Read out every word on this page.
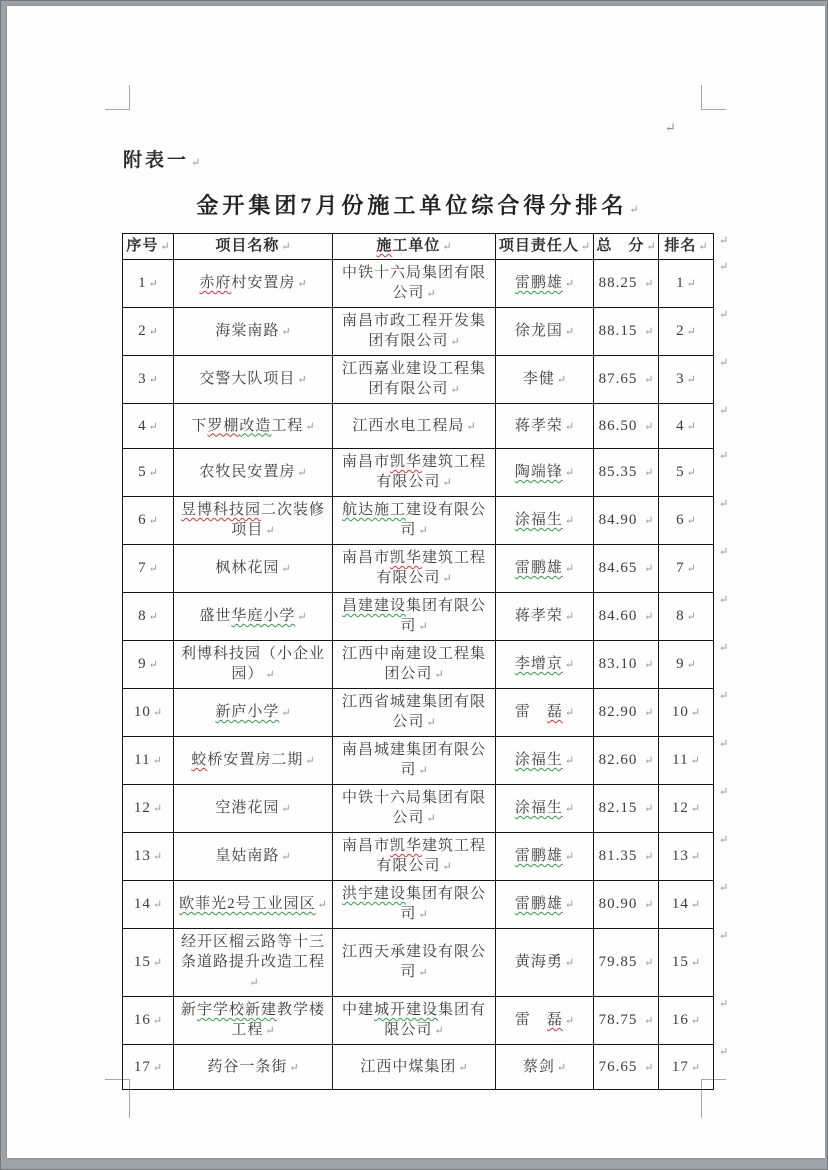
↵

附表一 ↵

金开集团7月份施工单位综合得分排名 ↵
序号 ↵	项目名称 ↵	施工单位 ↵	项目责任人 ↵	总　分 ↵	排名 ↵	↵
1 ↵	赤府村安置房 ↵	中铁十六局集团有限公司 ↵	雷鹏雄 ↵	88.25 ↵	1 ↵	↵
2 ↵	海棠南路 ↵	南昌市政工程开发集团有限公司 ↵	徐龙国 ↵	88.15 ↵	2 ↵	↵
3 ↵	交警大队项目 ↵	江西嘉业建设工程集团有限公司 ↵	李健 ↵	87.65 ↵	3 ↵	↵
4 ↵	下罗棚改造工程 ↵	江西水电工程局 ↵	蒋孝荣 ↵	86.50 ↵	4 ↵	↵
5 ↵	农牧民安置房 ↵	南昌市凯华建筑工程有限公司 ↵	陶端锋 ↵	85.35 ↵	5 ↵	↵
6 ↵	昱博科技园二次装修项目 ↵	航达施工建设有限公司 ↵	涂福生 ↵	84.90 ↵	6 ↵	↵
7 ↵	枫林花园 ↵	南昌市凯华建筑工程有限公司 ↵	雷鹏雄 ↵	84.65 ↵	7 ↵	↵
8 ↵	盛世华庭小学 ↵	昌建建设集团有限公司 ↵	蒋孝荣 ↵	84.60 ↵	8 ↵	↵
9 ↵	利博科技园（小企业园） ↵	江西中南建设工程集团公司 ↵	李增京 ↵	83.10 ↵	9 ↵	↵
10 ↵	新庐小学 ↵	江西省城建集团有限公司 ↵	雷　磊 ↵	82.90 ↵	10 ↵	↵
11 ↵	蛟桥安置房二期 ↵	南昌城建集团有限公司 ↵	涂福生 ↵	82.60 ↵	11 ↵	↵
12 ↵	空港花园 ↵	中铁十六局集团有限公司 ↵	涂福生 ↵	82.15 ↵	12 ↵	↵
13 ↵	皇姑南路 ↵	南昌市凯华建筑工程有限公司 ↵	雷鹏雄 ↵	81.35 ↵	13 ↵	↵
14 ↵	欧菲光2号工业园区 ↵	洪宇建设集团有限公司 ↵	雷鹏雄 ↵	80.90 ↵	14 ↵	↵
15 ↵	经开区榴云路等十三条道路提升改造工程↵	江西天承建设有限公司 ↵	黄海勇 ↵	79.85 ↵	15 ↵	↵
16 ↵	新宇学校新建教学楼工程 ↵	中建城开建设集团有限公司 ↵	雷　磊 ↵	78.75 ↵	16 ↵	↵
17 ↵	药谷一条街 ↵	江西中煤集团 ↵	蔡剑 ↵	76.65 ↵	17 ↵	↵
